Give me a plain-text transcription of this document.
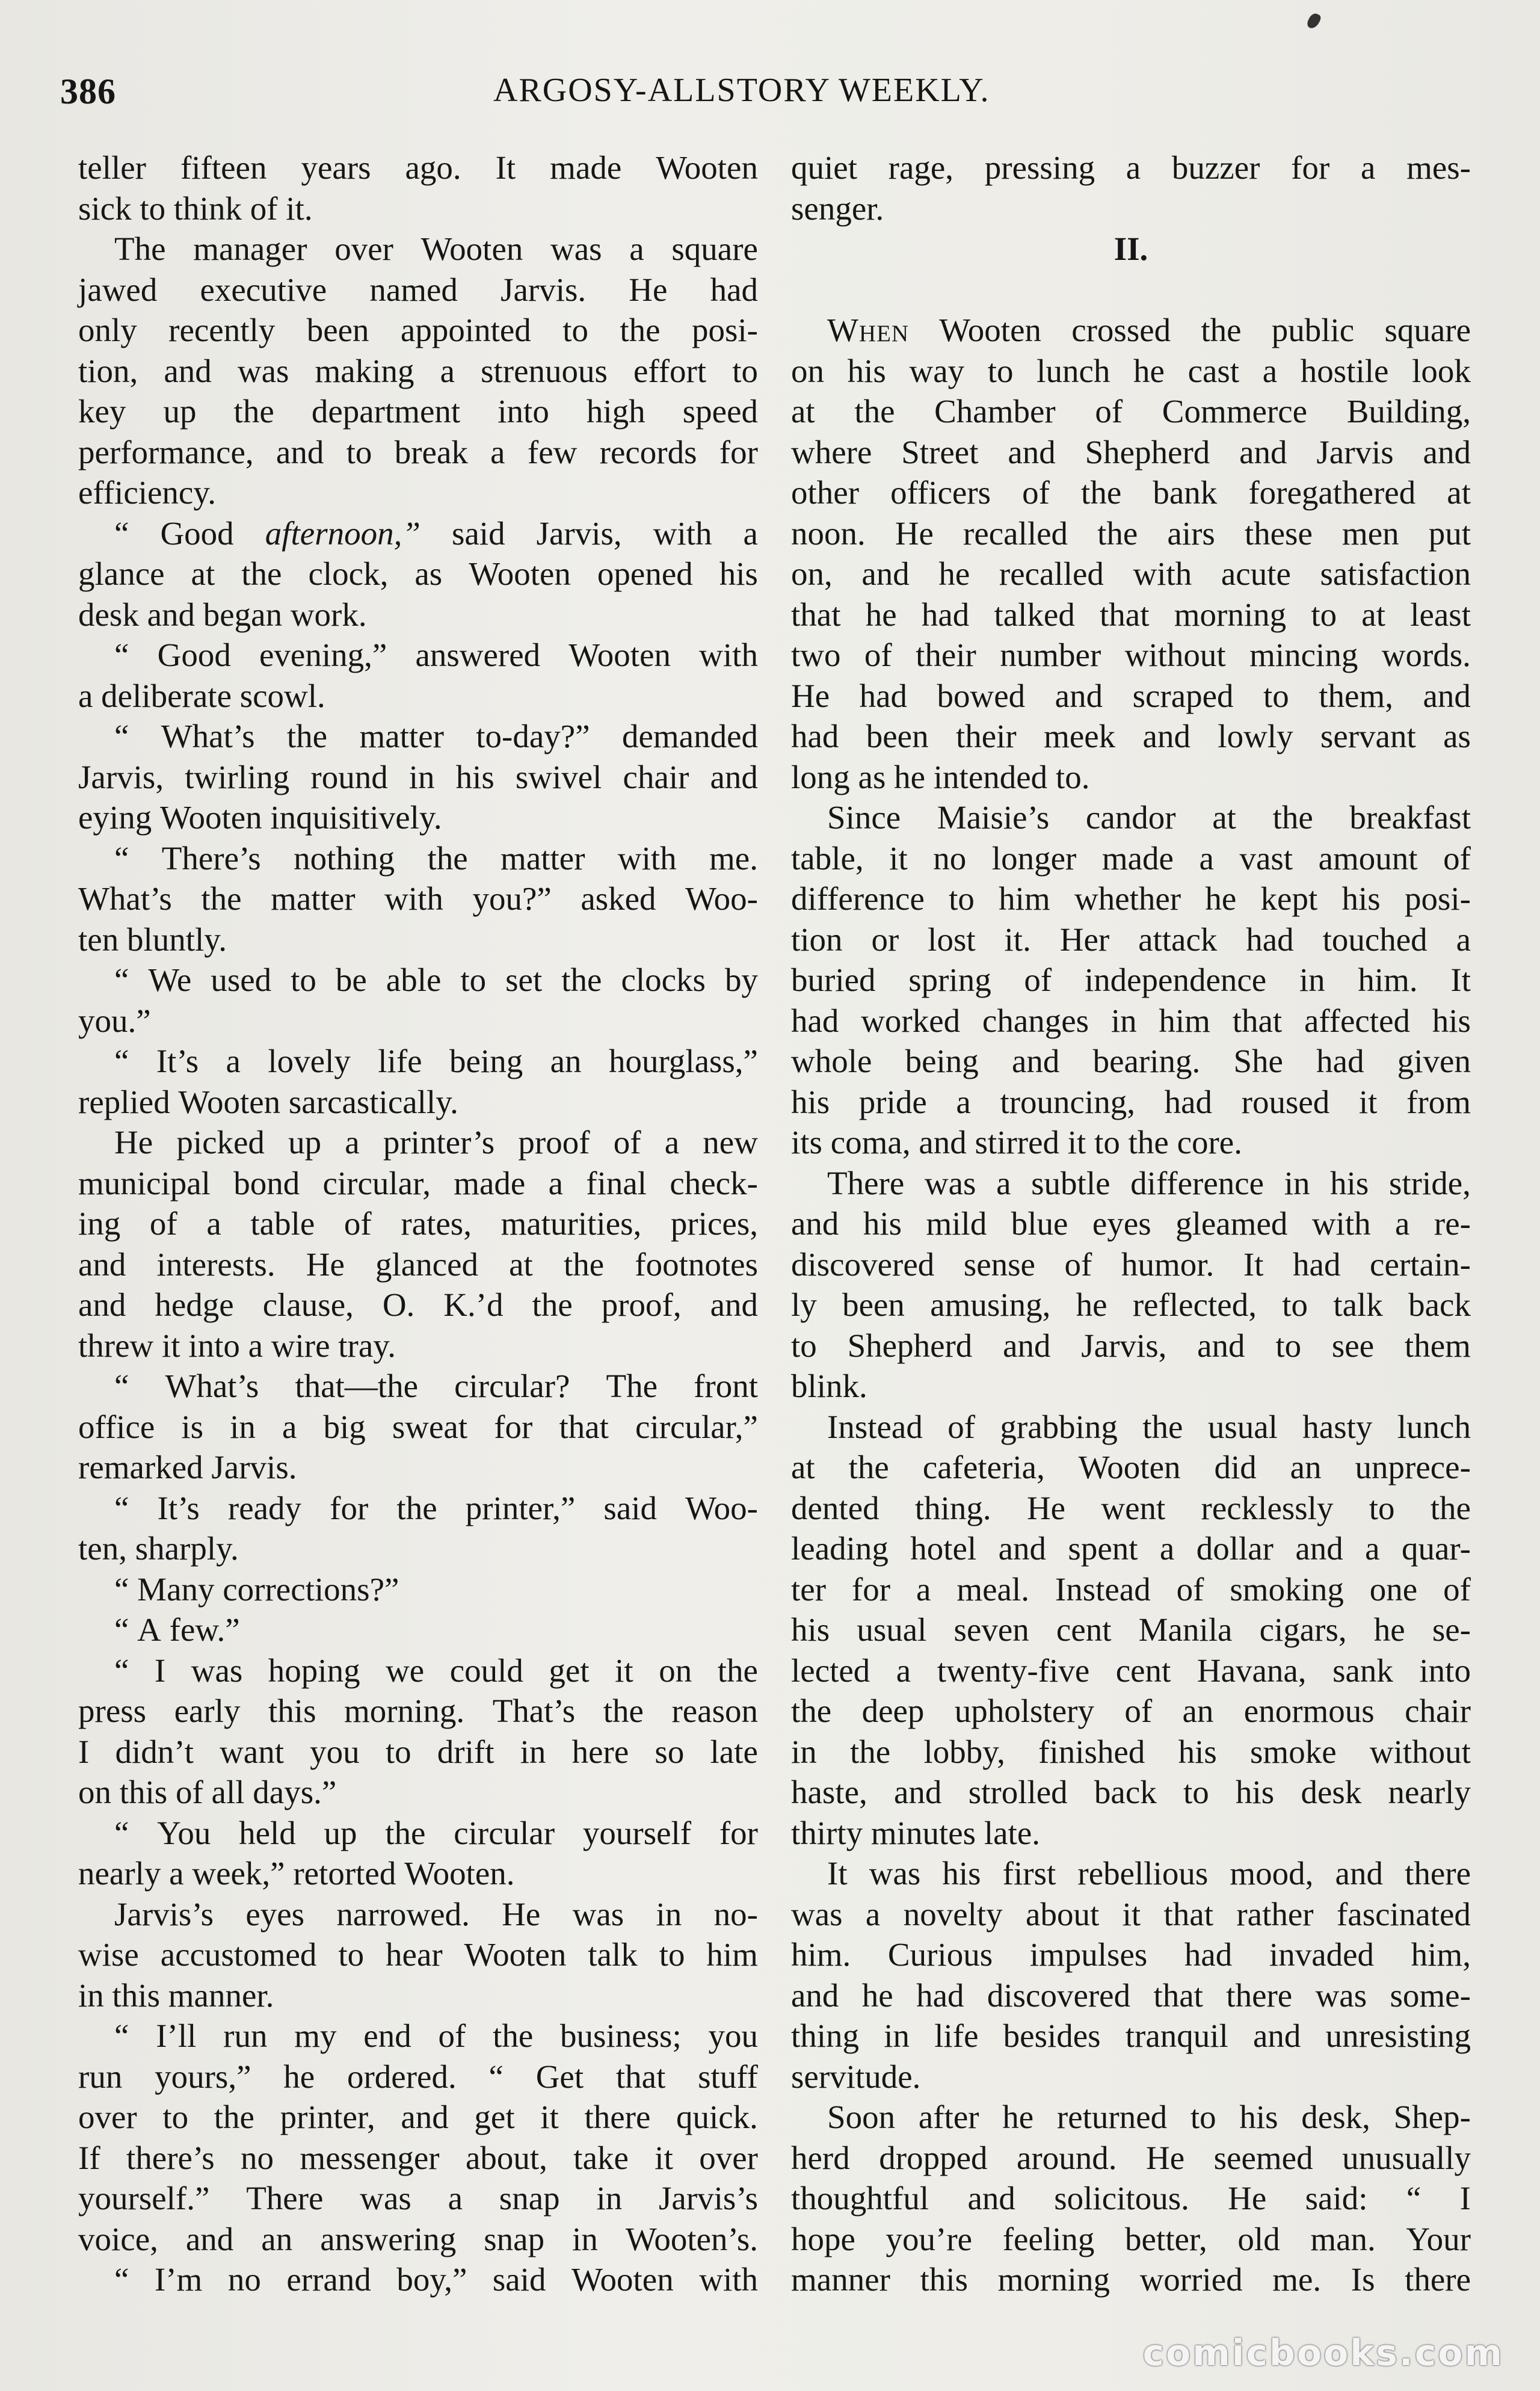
386	ARGOSY-ALLSTORY WEEKLY.
teller fifteen years ago. It made Wooten
sick to think of it.
The manager over Wooten was a square
jawed executive named Jarvis. He had
only recently been appointed to the posi-
tion, and was making a strenuous effort to
key up the department into high speed
performance, and to break a few records for
efficiency.
“ Good afternoon,” said Jarvis, with a
glance at the clock, as Wooten opened his
desk and began work.
“ Good evening,” answered Wooten with
a deliberate scowl.
“ What’s the matter to-day?” demanded
Jarvis, twirling round in his swivel chair and
eying Wooten inquisitively.
“ There’s nothing the matter with me.
What’s the matter with you?” asked Woo-
ten bluntly.
“ We used to be able to set the clocks by
you.”
“ It’s a lovely life being an hourglass,”
replied Wooten sarcastically.
He picked up a printer’s proof of a new
municipal bond circular, made a final check-
ing of a table of rates, maturities, prices,
and interests. He glanced at the footnotes
and hedge clause, O. K.’d the proof, and
threw it into a wire tray.
“ What’s that—the circular? The front
office is in a big sweat for that circular,”
remarked Jarvis.
“ It’s ready for the printer,” said Woo-
ten, sharply.
“ Many corrections?”
“ A few.”
“ I was hoping we could get it on the
press early this morning. That’s the reason
I didn’t want you to drift in here so late
on this of all days.”
“ You held up the circular yourself for
nearly a week,” retorted Wooten.
Jarvis’s eyes narrowed. He was in no-
wise accustomed to hear Wooten talk to him
in this manner.
“ I’ll run my end of the business; you
run yours,” he ordered. “ Get that stuff
over to the printer, and get it there quick.
If there’s no messenger about, take it over
yourself.” There was a snap in Jarvis’s
voice, and an answering snap in Wooten’s.
“ I’m no errand boy,” said Wooten with
quiet rage, pressing a buzzer for a mes-
senger.
II.
When Wooten crossed the public square
on his way to lunch he cast a hostile look
at the Chamber of Commerce Building,
where Street and Shepherd and Jarvis and
other officers of the bank foregathered at
noon. He recalled the airs these men put
on, and he recalled with acute satisfaction
that he had talked that morning to at least
two of their number without mincing words.
He had bowed and scraped to them, and
had been their meek and lowly servant as
long as he intended to.
Since Maisie’s candor at the breakfast
table, it no longer made a vast amount of
difference to him whether he kept his posi-
tion or lost it. Her attack had touched a
buried spring of independence in him. It
had worked changes in him that affected his
whole being and bearing. She had given
his pride a trouncing, had roused it from
its coma, and stirred it to the core.
There was a subtle difference in his stride,
and his mild blue eyes gleamed with a re-
discovered sense of humor. It had certain-
ly been amusing, he reflected, to talk back
to Shepherd and Jarvis, and to see them
blink.
Instead of grabbing the usual hasty lunch
at the cafeteria, Wooten did an unprece-
dented thing. He went recklessly to the
leading hotel and spent a dollar and a quar-
ter for a meal. Instead of smoking one of
his usual seven cent Manila cigars, he se-
lected a twenty-five cent Havana, sank into
the deep upholstery of an enormous chair
in the lobby, finished his smoke without
haste, and strolled back to his desk nearly
thirty minutes late.
It was his first rebellious mood, and there
was a novelty about it that rather fascinated
him. Curious impulses had invaded him,
and he had discovered that there was some-
thing in life besides tranquil and unresisting
servitude.
Soon after he returned to his desk, Shep-
herd dropped around. He seemed unusually
thoughtful and solicitous. He said: “ I
hope you’re feeling better, old man. Your
manner this morning worried me. Is there
comicbooks.com
